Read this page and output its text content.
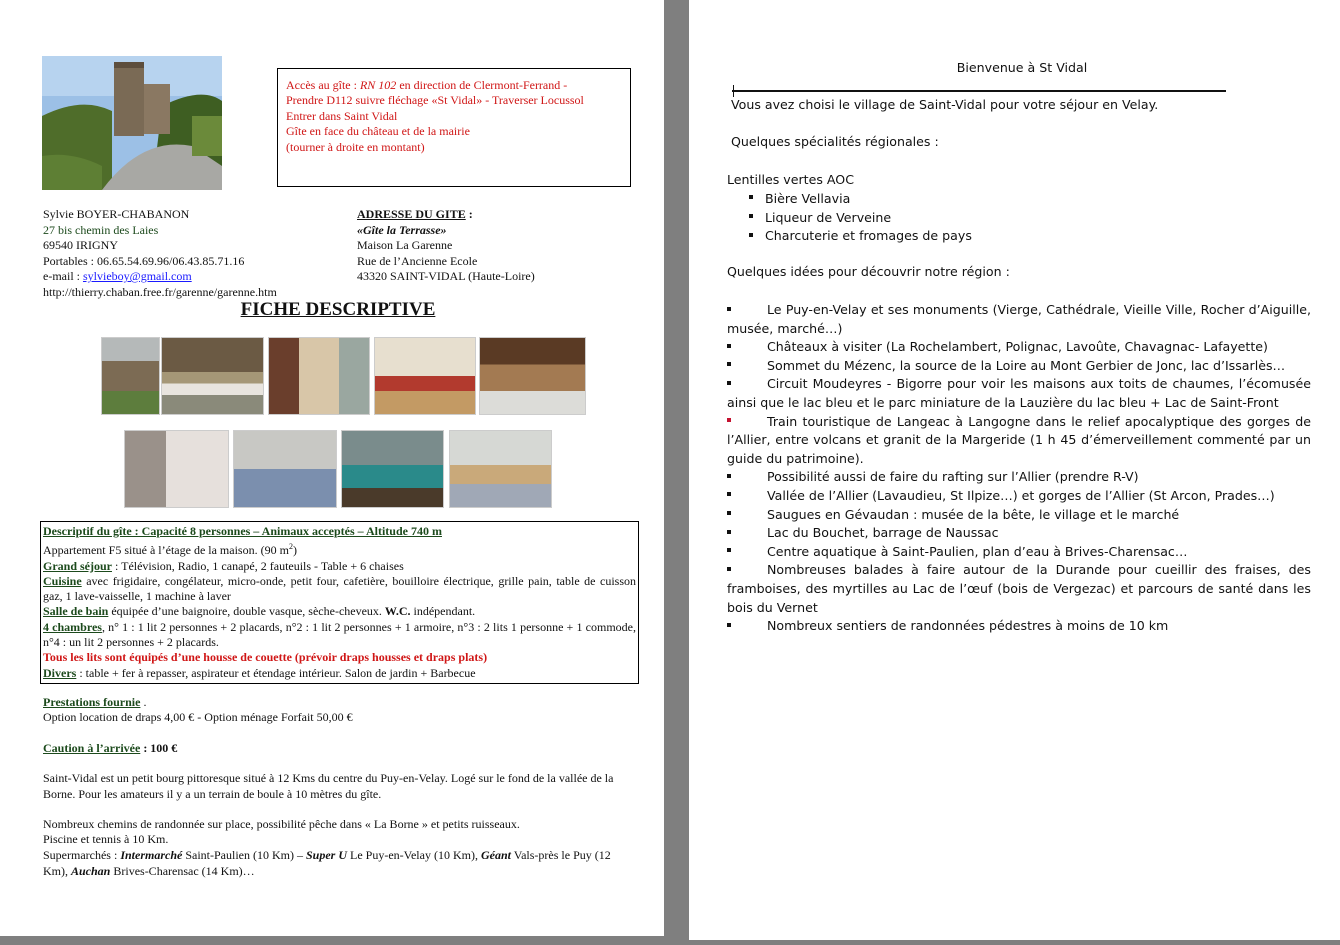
Accès au gîte : RN 102 en direction de Clermont-Ferrand -
Prendre D112 suivre fléchage «St Vidal» - Traverser Locussol
Entrer dans Saint Vidal
Gîte en face du château et de la mairie
(tourner à droite en montant)
Sylvie BOYER-CHABANON
27 bis chemin des Laies
69540 IRIGNY
Portables : 06.65.54.69.96/06.43.85.71.16
e-mail : sylvieboy@gmail.com
http://thierry.chaban.free.fr/garenne/garenne.htm
ADRESSE DU GITE :
«Gîte la Terrasse»
Maison La Garenne
Rue de l’Ancienne Ecole
43320 SAINT-VIDAL (Haute-Loire)
FICHE DESCRIPTIVE
Descriptif du gîte : Capacité 8 personnes – Animaux acceptés – Altitude 740 m
Appartement F5 situé à l’étage de la maison. (90 $m^2$)
Grand séjour : Télévision, Radio, 1 canapé, 2 fauteuils - Table + 6 chaises
Cuisine avec frigidaire, congélateur, micro-onde, petit four, cafetière, bouilloire électrique, grille pain, table de cuisson gaz, 1 lave-vaisselle, 1 machine à laver
Salle de bain équipée d’une baignoire, double vasque, sèche-cheveux. W.C. indépendant.
4 chambres, n° 1 : 1 lit 2 personnes + 2 placards, n°2 : 1 lit 2 personnes + 1 armoire, n°3 : 2 lits 1 personne + 1 commode, n°4 : un lit 2 personnes + 2 placards.
Tous les lits sont équipés d’une housse de couette (prévoir draps housses et draps plats)
Divers : table + fer à repasser, aspirateur et étendage intérieur. Salon de jardin + Barbecue
Prestations fournie .
Option location de draps 4,00 € - Option ménage Forfait 50,00 €
Caution à l’arrivée : 100 €
Saint-Vidal est un petit bourg pittoresque situé à 12 Kms du centre du Puy-en-Velay. Logé sur le fond de la vallée de la Borne. Pour les amateurs il y a un terrain de boule à 10 mètres du gîte.
Nombreux chemins de randonnée sur place, possibilité pêche dans « La Borne » et petits ruisseaux.
Piscine et tennis à 10 Km.
Supermarchés : Intermarché Saint-Paulien (10 Km) – Super U Le Puy-en-Velay (10 Km), Géant Vals-près le Puy (12 Km), Auchan Brives-Charensac (14 Km)…
Bienvenue à St Vidal
Vous avez choisi le village de Saint-Vidal pour votre séjour en Velay.
Quelques spécialités régionales :
Lentilles vertes AOC
Bière Vellavia
Liqueur de Verveine
Charcuterie et fromages de pays
Quelques idées pour découvrir notre région :
Le Puy-en-Velay et ses monuments (Vierge, Cathédrale, Vieille Ville, Rocher d’Aiguille, musée, marché…)
Châteaux à visiter (La Rochelambert, Polignac, Lavoûte, Chavagnac- Lafayette)
Sommet du Mézenc, la source de la Loire au Mont Gerbier de Jonc, lac d’Issarlès…
Circuit Moudeyres - Bigorre pour voir les maisons aux toits de chaumes, l’écomusée ainsi que le lac bleu et le parc miniature de la Lauzière du lac bleu + Lac de Saint-Front
Train touristique de Langeac à Langogne dans le relief apocalyptique des gorges de l’Allier, entre volcans et granit de la Margeride (1 h 45 d’émerveillement commenté par un guide du patrimoine).
Possibilité aussi de faire du rafting sur l’Allier (prendre R-V)
Vallée de l’Allier (Lavaudieu, St Ilpize…) et gorges de l’Allier (St Arcon, Prades…)
Saugues en Gévaudan : musée de la bête, le village et le marché
Lac du Bouchet, barrage de Naussac
Centre aquatique à Saint-Paulien, plan d’eau à Brives-Charensac…
Nombreuses balades à faire autour de la Durande pour cueillir des fraises, des framboises, des myrtilles au Lac de l’œuf (bois de Vergezac) et parcours de santé dans les bois du Vernet
Nombreux sentiers de randonnées pédestres à moins de 10 km
